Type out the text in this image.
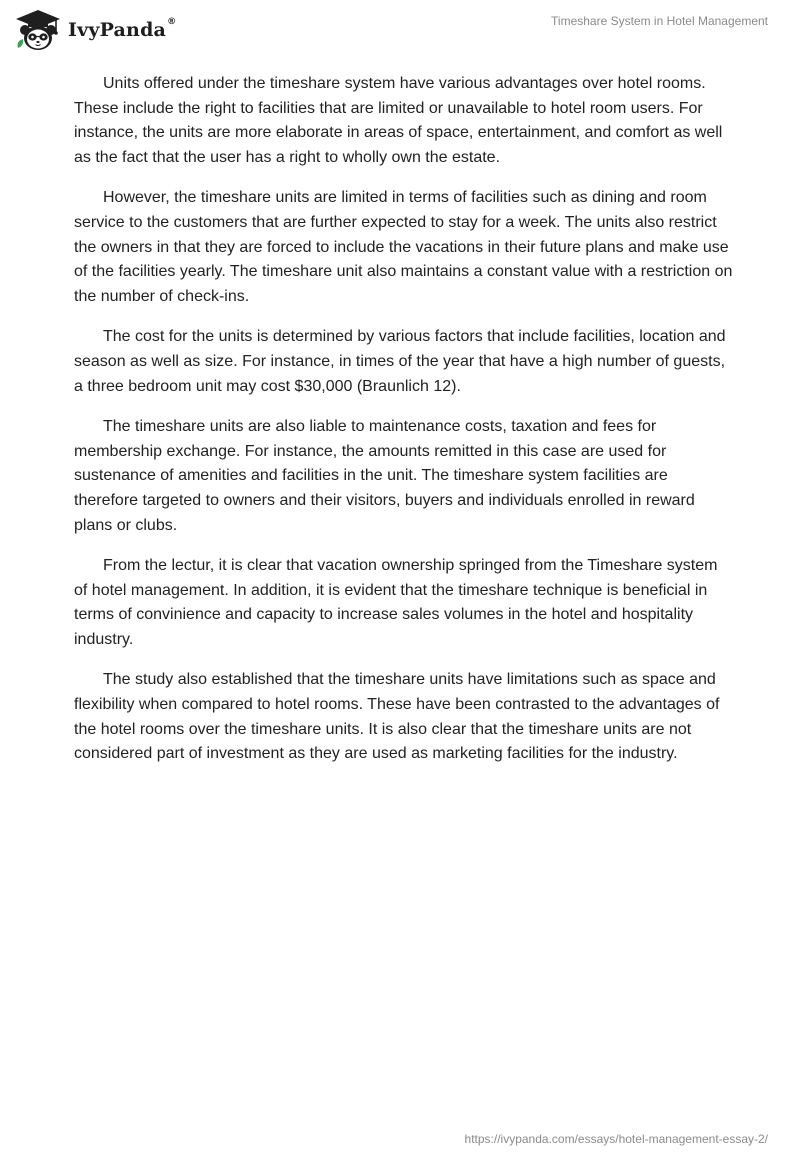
IvyPanda®	Timeshare System in Hotel Management

Units offered under the timeshare system have various advantages over hotel rooms. These include the right to facilities that are limited or unavailable to hotel room users. For instance, the units are more elaborate in areas of space, entertainment, and comfort as well as the fact that the user has a right to wholly own the estate.

However, the timeshare units are limited in terms of facilities such as dining and room service to the customers that are further expected to stay for a week. The units also restrict the owners in that they are forced to include the vacations in their future plans and make use of the facilities yearly. The timeshare unit also maintains a constant value with a restriction on the number of check-ins.

The cost for the units is determined by various factors that include facilities, location and season as well as size. For instance, in times of the year that have a high number of guests, a three bedroom unit may cost $30,000 (Braunlich 12).

The timeshare units are also liable to maintenance costs, taxation and fees for membership exchange. For instance, the amounts remitted in this case are used for sustenance of amenities and facilities in the unit. The timeshare system facilities are therefore targeted to owners and their visitors, buyers and individuals enrolled in reward plans or clubs.

From the lectur, it is clear that vacation ownership springed from the Timeshare system of hotel management. In addition, it is evident that the timeshare technique is beneficial in terms of convinience and capacity to increase sales volumes in the hotel and hospitality industry.

The study also established that the timeshare units have limitations such as space and flexibility when compared to hotel rooms. These have been contrasted to the advantages of the hotel rooms over the timeshare units. It is also clear that the timeshare units are not considered part of investment as they are used as marketing facilities for the industry.

https://ivypanda.com/essays/hotel-management-essay-2/
